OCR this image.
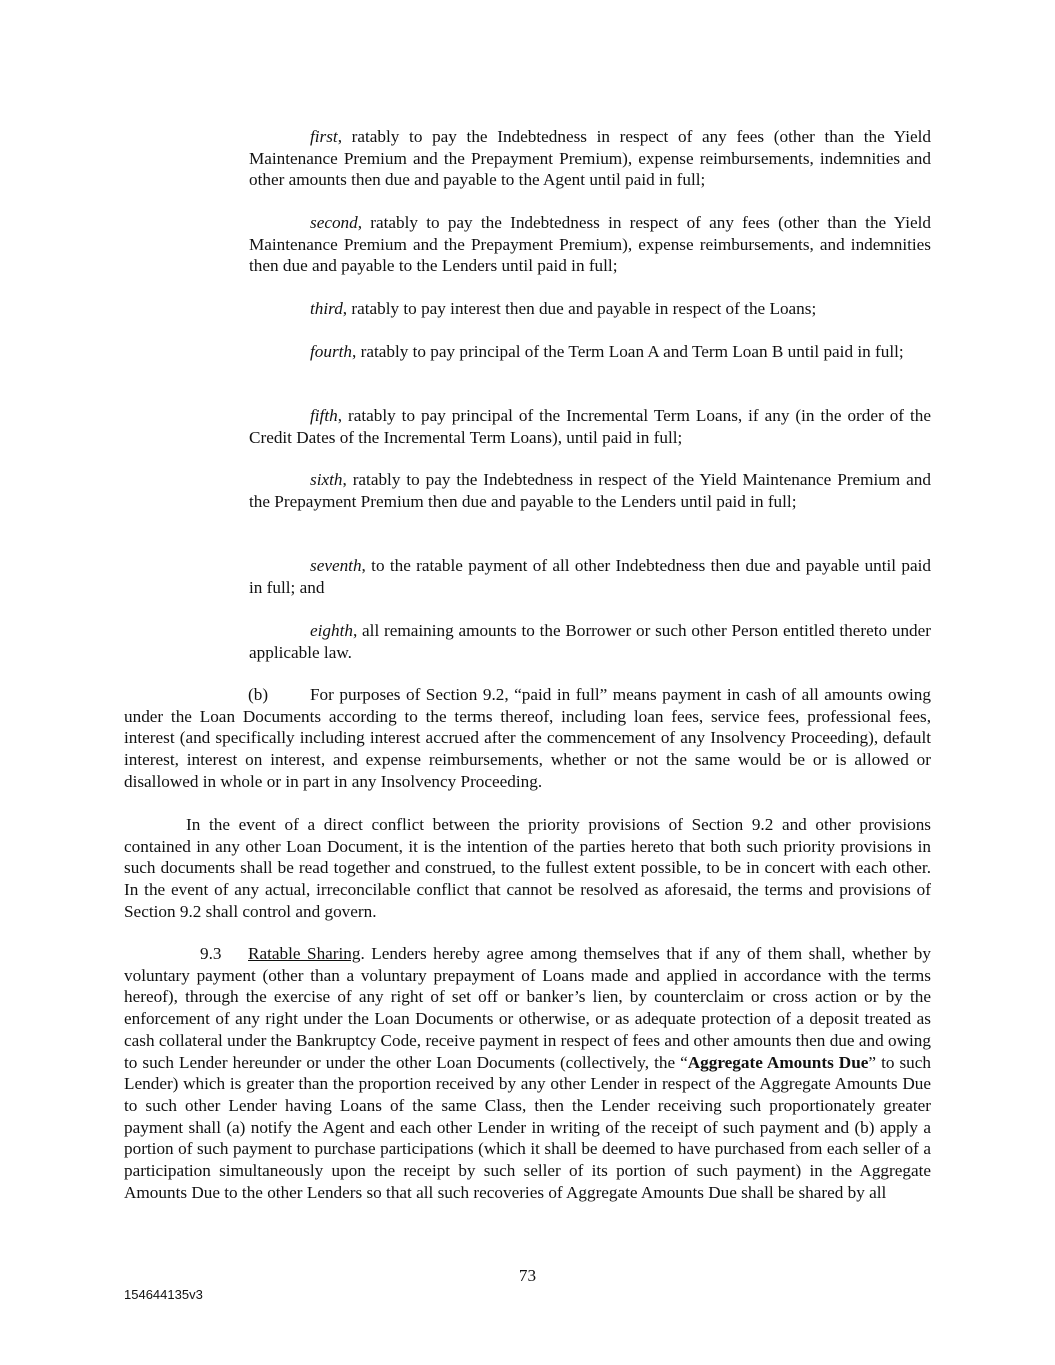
first, ratably to pay the Indebtedness in respect of any fees (other than the Yield Maintenance Premium and the Prepayment Premium), expense reimbursements, indemnities and other amounts then due and payable to the Agent until paid in full;

second, ratably to pay the Indebtedness in respect of any fees (other than the Yield Maintenance Premium and the Prepayment Premium), expense reimbursements, and indemnities then due and payable to the Lenders until paid in full;

third, ratably to pay interest then due and payable in respect of the Loans;

fourth, ratably to pay principal of the Term Loan A and Term Loan B until paid in full;

fifth, ratably to pay principal of the Incremental Term Loans, if any (in the order of the Credit Dates of the Incremental Term Loans), until paid in full;

sixth, ratably to pay the Indebtedness in respect of the Yield Maintenance Premium and the Prepayment Premium then due and payable to the Lenders until paid in full;

seventh, to the ratable payment of all other Indebtedness then due and payable until paid in full; and

eighth, all remaining amounts to the Borrower or such other Person entitled thereto under applicable law.

(b) For purposes of Section 9.2, “paid in full” means payment in cash of all amounts owing under the Loan Documents according to the terms thereof, including loan fees, service fees, professional fees, interest (and specifically including interest accrued after the commencement of any Insolvency Proceeding), default interest, interest on interest, and expense reimbursements, whether or not the same would be or is allowed or disallowed in whole or in part in any Insolvency Proceeding.

In the event of a direct conflict between the priority provisions of Section 9.2 and other provisions contained in any other Loan Document, it is the intention of the parties hereto that both such priority provisions in such documents shall be read together and construed, to the fullest extent possible, to be in concert with each other. In the event of any actual, irreconcilable conflict that cannot be resolved as aforesaid, the terms and provisions of Section 9.2 shall control and govern.

9.3 Ratable Sharing. Lenders hereby agree among themselves that if any of them shall, whether by voluntary payment (other than a voluntary prepayment of Loans made and applied in accordance with the terms hereof), through the exercise of any right of set off or banker’s lien, by counterclaim or cross action or by the enforcement of any right under the Loan Documents or otherwise, or as adequate protection of a deposit treated as cash collateral under the Bankruptcy Code, receive payment in respect of fees and other amounts then due and owing to such Lender hereunder or under the other Loan Documents (collectively, the “Aggregate Amounts Due” to such Lender) which is greater than the proportion received by any other Lender in respect of the Aggregate Amounts Due to such other Lender having Loans of the same Class, then the Lender receiving such proportionately greater payment shall (a) notify the Agent and each other Lender in writing of the receipt of such payment and (b) apply a portion of such payment to purchase participations (which it shall be deemed to have purchased from each seller of a participation simultaneously upon the receipt by such seller of its portion of such payment) in the Aggregate Amounts Due to the other Lenders so that all such recoveries of Aggregate Amounts Due shall be shared by all

73
154644135v3
